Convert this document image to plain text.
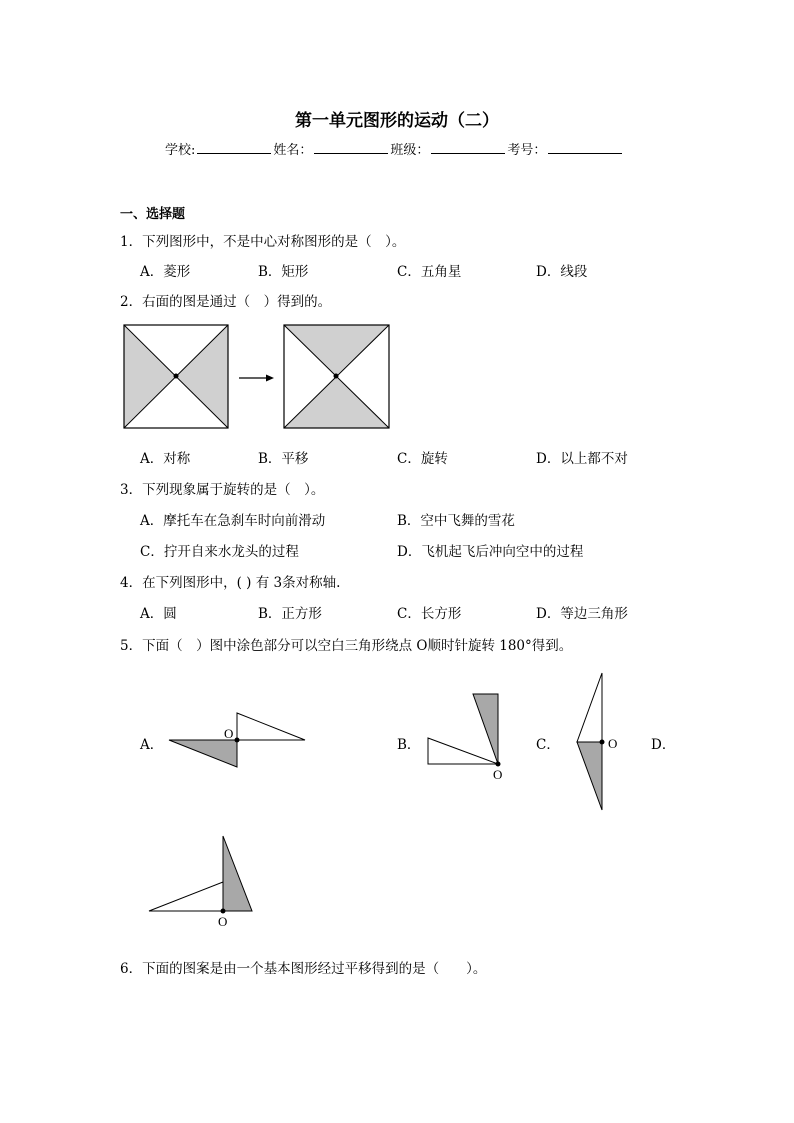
第一单元图形的运动（二）
学校:	姓名：	班级：	考号：
一、选择题
1．下列图形中，不是中心对称图形的是（　）。
A．菱形	B．矩形	C．五角星	D．线段
2．右面的图是通过（　）得到的。
A．对称	B．平移	C．旋转	D．以上都不对
3．下列现象属于旋转的是（　）。
A．摩托车在急刹车时向前滑动	B．空中飞舞的雪花
C．拧开自来水龙头的过程	D．飞机起飞后冲向空中的过程
4．在下列图形中，( ) 有 3条对称轴.
A．圆	B．正方形	C．长方形	D．等边三角形
5．下面（　）图中涂色部分可以空白三角形绕点 O顺时针旋转 180°得到。
A．	B．	C．	D．
O
O
O
O
6．下面的图案是由一个基本图形经过平移得到的是（　　）。
